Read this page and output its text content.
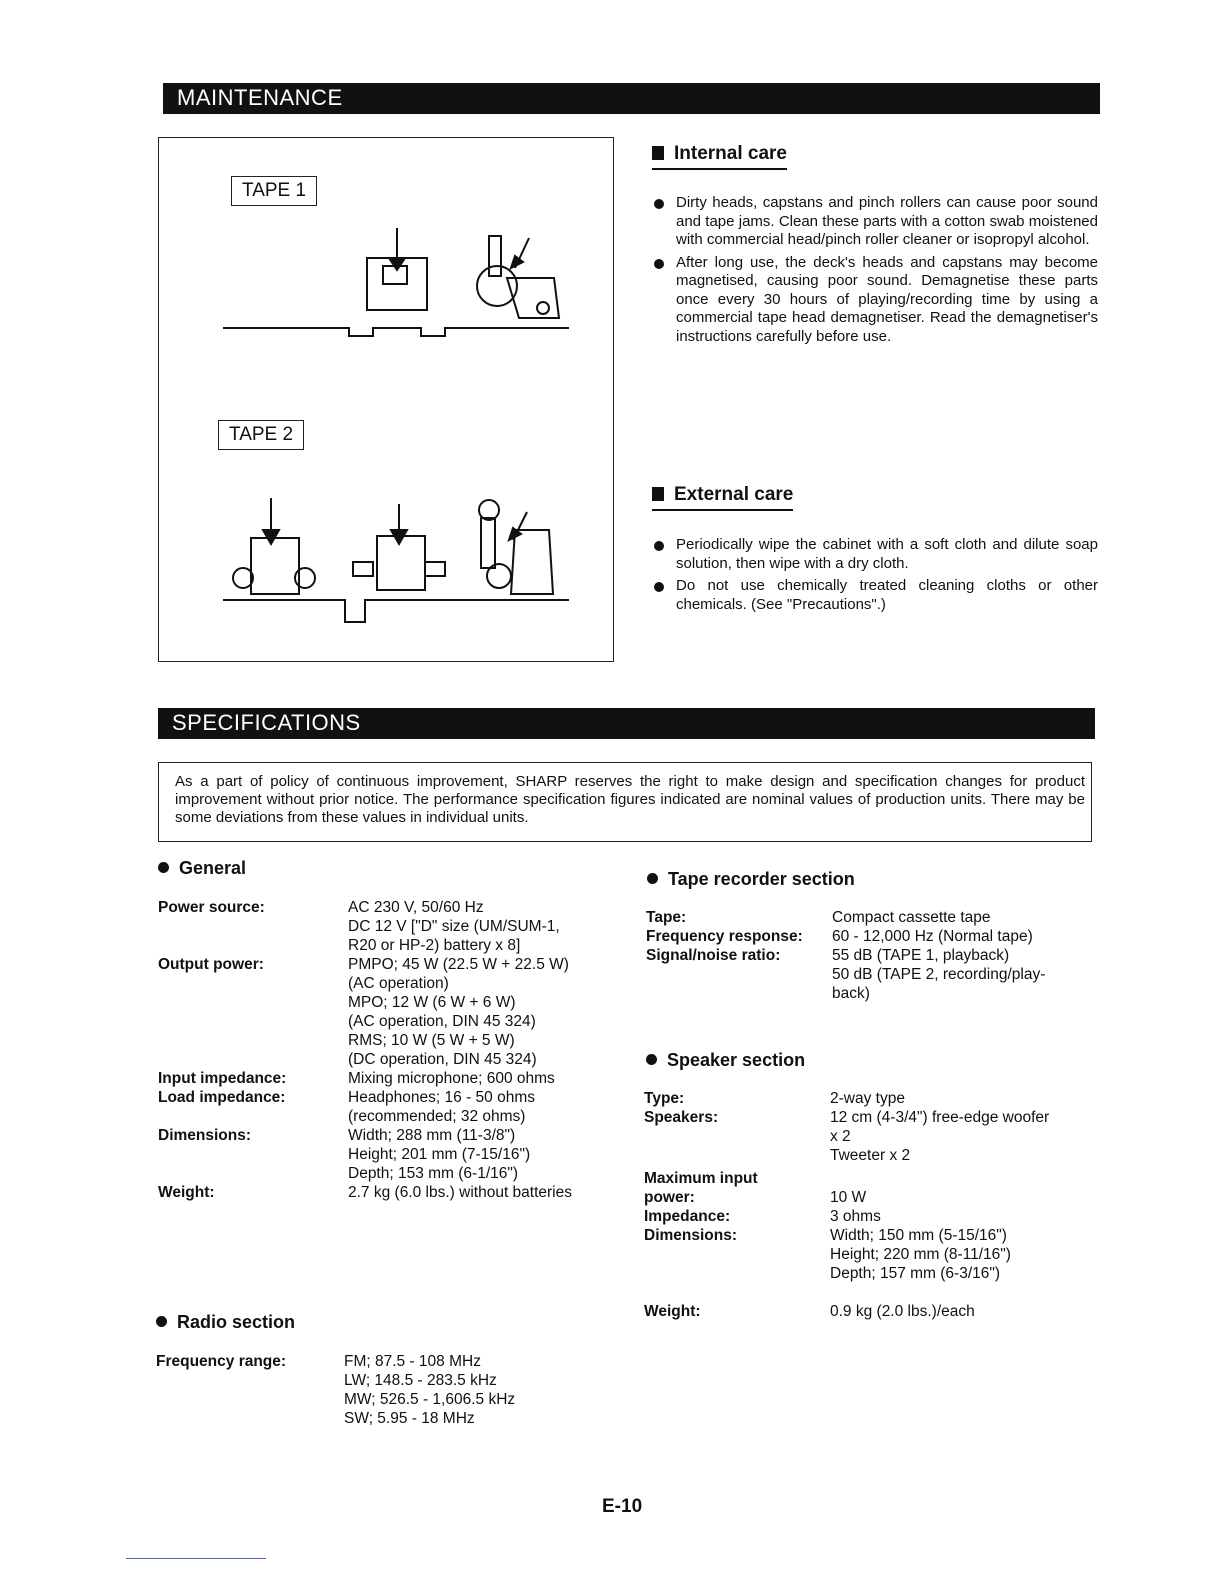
MAINTENANCE
TAPE 1
TAPE 2
Internal care
Dirty heads, capstans and pinch rollers can cause poor sound and tape jams. Clean these parts with a cotton swab moistened with commercial head/pinch roller cleaner or isopropyl alcohol.
After long use, the deck's heads and capstans may become magnetised, causing poor sound. Demagnetise these parts once every 30 hours of playing/recording time by using a commercial tape head demagnetiser. Read the demagnetiser's instructions carefully before use.
External care
Periodically wipe the cabinet with a soft cloth and dilute soap solution, then wipe with a dry cloth.
Do not use chemically treated cleaning cloths or other chemicals. (See "Precautions".)
SPECIFICATIONS
As a part of policy of continuous improvement, SHARP reserves the right to make design and specification changes for product improvement without prior notice. The performance specification figures indicated are nominal values of production units. There may be some deviations from these values in individual units.
General
Power source:	AC 230 V, 50/60 Hz
DC 12 V ["D" size (UM/SUM-1,
R20 or HP-2) battery x 8]
Output power:	PMPO; 45 W (22.5 W + 22.5 W)
(AC operation)
MPO; 12 W (6 W + 6 W)
(AC operation, DIN 45 324)
RMS; 10 W (5 W + 5 W)
(DC operation, DIN 45 324)
Input impedance:	Mixing microphone; 600 ohms
Load impedance:	Headphones; 16 - 50 ohms
(recommended; 32 ohms)
Dimensions:	Width; 288 mm (11-3/8")
Height; 201 mm (7-15/16")
Depth; 153 mm (6-1/16")
Weight:	2.7 kg (6.0 lbs.) without batteries
Radio section
Frequency range:	FM; 87.5 - 108 MHz
LW; 148.5 - 283.5 kHz
MW; 526.5 - 1,606.5 kHz
SW; 5.95 - 18 MHz
Tape recorder section
Tape:	Compact cassette tape
Frequency response:	60 - 12,000 Hz (Normal tape)
Signal/noise ratio:	55 dB (TAPE 1, playback)
50 dB (TAPE 2, recording/play-
back)
Speaker section
Type:	2-way type
Speakers:	12 cm (4-3/4") free-edge woofer
x 2
Tweeter x 2
Maximum input
power:	
10 W
Impedance:	3 ohms
Dimensions:	Width; 150 mm (5-15/16")
Height; 220 mm (8-11/16")
Depth; 157 mm (6-3/16")
Weight:	0.9 kg (2.0 lbs.)/each
E-10
